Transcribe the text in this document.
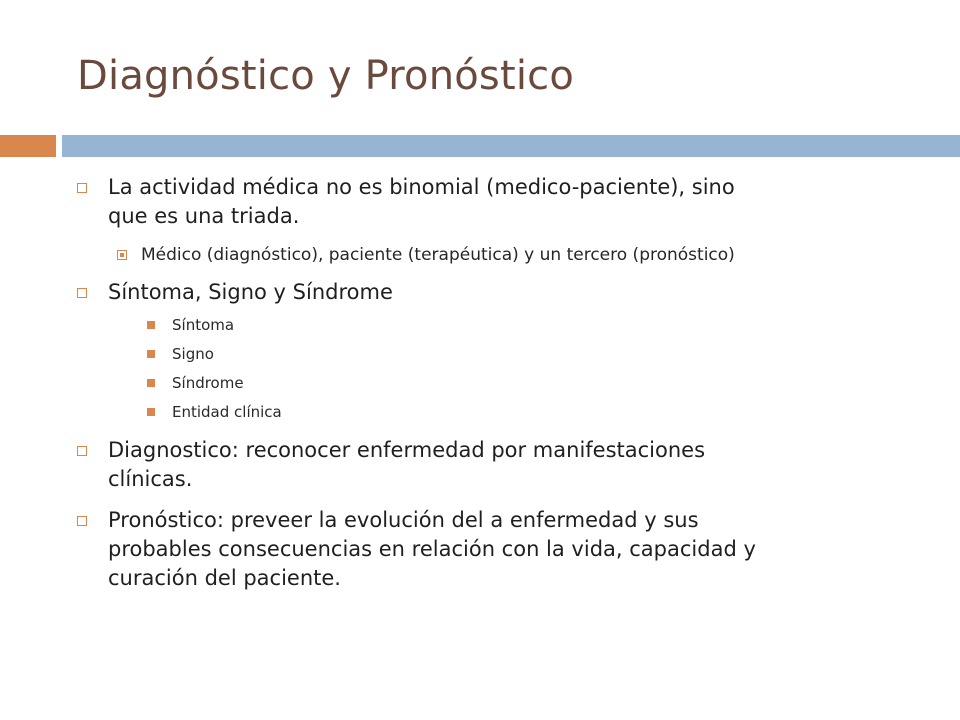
Diagnóstico y Pronóstico
La actividad médica no es binomial (medico-paciente), sino
que es una triada.
Médico (diagnóstico), paciente (terapéutica) y un tercero (pronóstico)
Síntoma, Signo y Síndrome
Síntoma
Signo
Síndrome
Entidad clínica
Diagnostico: reconocer enfermedad por manifestaciones
clínicas.
Pronóstico: preveer la evolución del a enfermedad y sus
probables consecuencias en relación con la vida, capacidad y
curación del paciente.
